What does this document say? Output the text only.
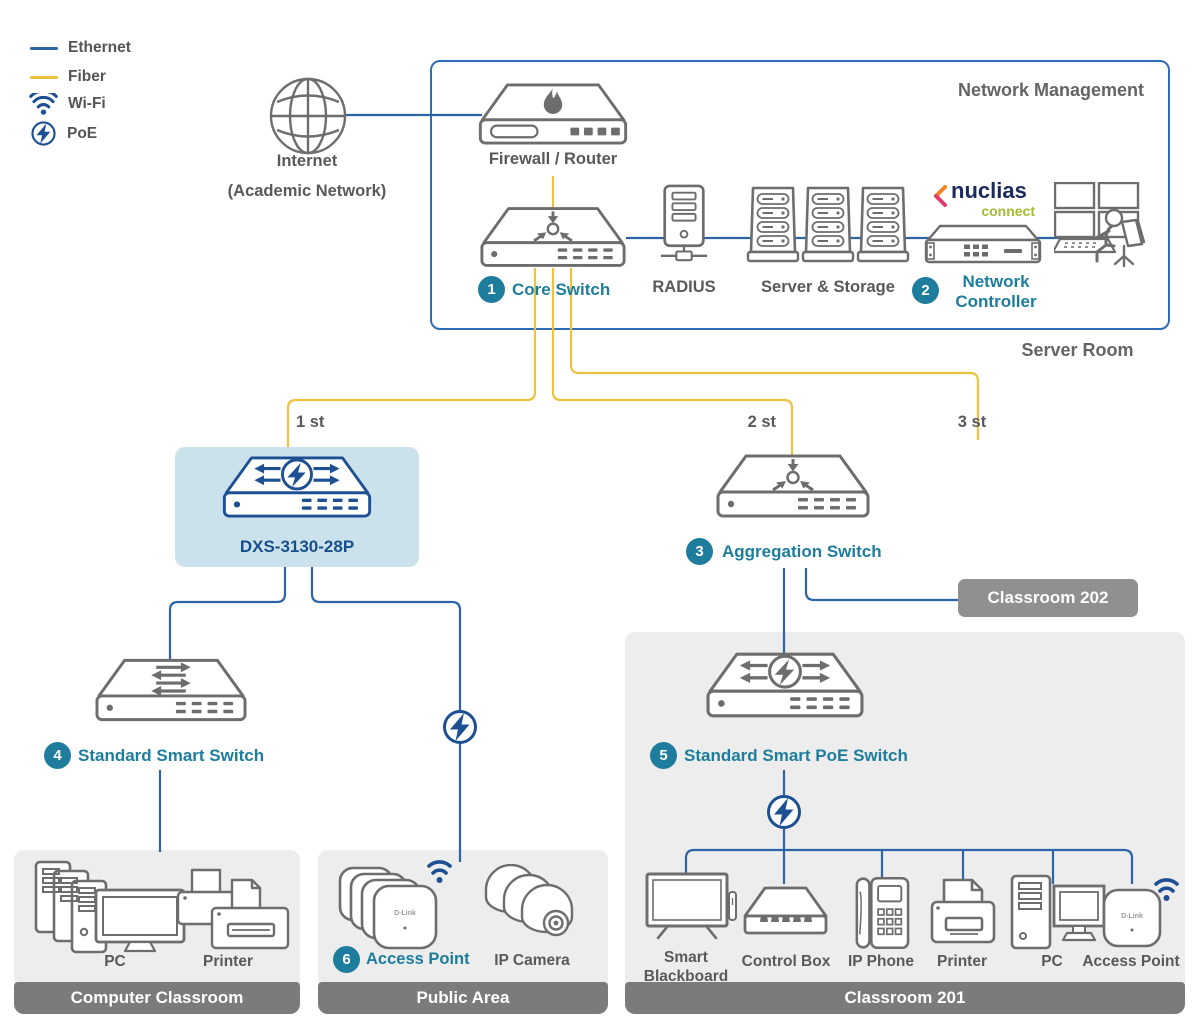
Network Management
Computer Classroom	Public Area	Classroom 201
Classroom 202
Ethernet
Fiber
Wi-Fi
PoE
Internet
(Academic Network)
Firewall / Router
1 Core Switch	RADIUS	Server & Storage
nuclias
connect
2	Network
Controller
Server Room
1 st	2 st	3 st
DXS-3130-28P	3	Aggregation Switch
4 Standard Smart Switch	5 Standard Smart PoE Switch
PC	Printer	6 Access Point	IP Camera	Smart Blackboard
Control Box	IP Phone	Printer	PC	Access Point
